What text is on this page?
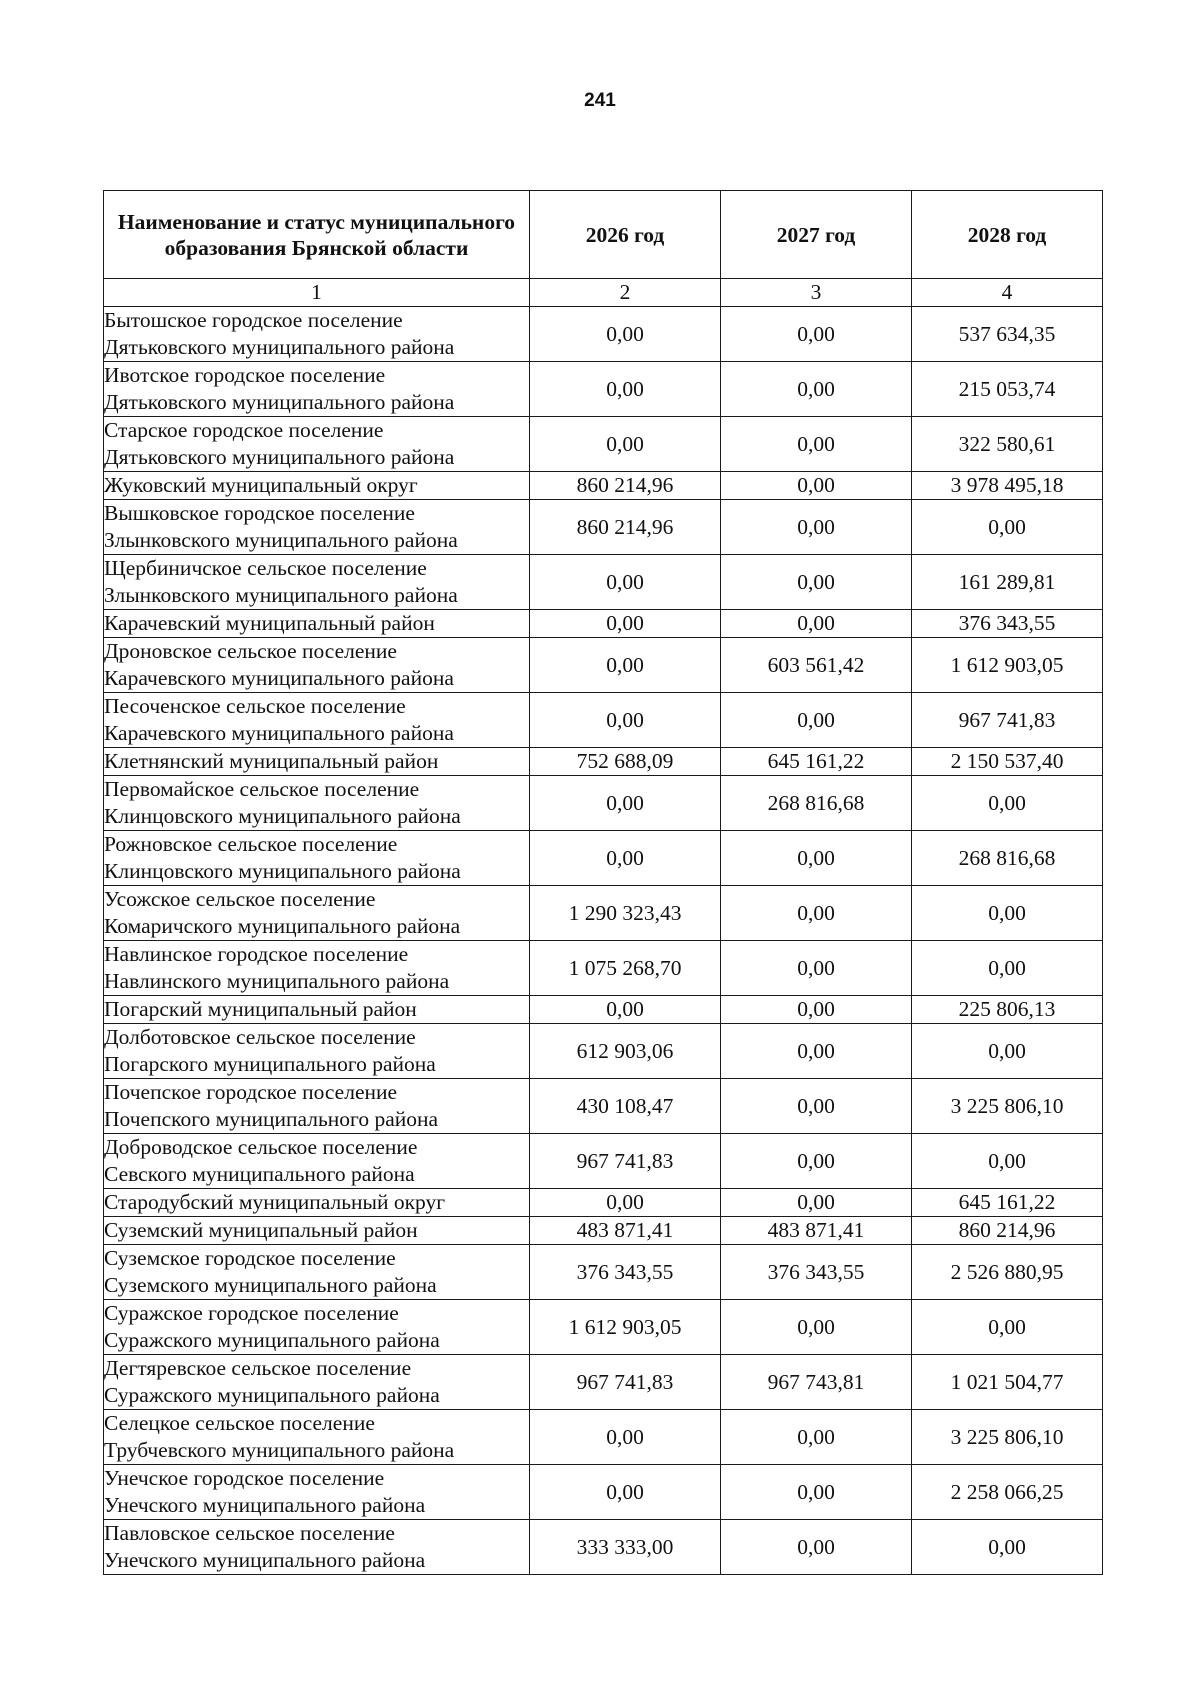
241
Наименование и статус муниципального образования Брянской области	2026 год	2027 год	2028 год
1	2	3	4

Бытошское городское поселение
Дятьковского муниципального района	0,00	0,00	537 634,35

Ивотское городское поселение
Дятьковского муниципального района	0,00	0,00	215 053,74

Старское городское поселение
Дятьковского муниципального района	0,00	0,00	322 580,61

Жуковский муниципальный округ	860 214,96	0,00	3 978 495,18

Вышковское городское поселение
Злынковского муниципального района	860 214,96	0,00	0,00

Щербиничское сельское поселение
Злынковского муниципального района	0,00	0,00	161 289,81

Карачевский муниципальный район	0,00	0,00	376 343,55

Дроновское сельское поселение
Карачевского муниципального района	0,00	603 561,42	1 612 903,05

Песоченское сельское поселение
Карачевского муниципального района	0,00	0,00	967 741,83

Клетнянский муниципальный район	752 688,09	645 161,22	2 150 537,40

Первомайское сельское поселение
Клинцовского муниципального района	0,00	268 816,68	0,00

Рожновское сельское поселение
Клинцовского муниципального района	0,00	0,00	268 816,68

Усожское сельское поселение
Комаричского муниципального района	1 290 323,43	0,00	0,00

Навлинское городское поселение
Навлинского муниципального района	1 075 268,70	0,00	0,00

Погарский муниципальный район	0,00	0,00	225 806,13

Долботовское сельское поселение
Погарского муниципального района	612 903,06	0,00	0,00

Почепское городское поселение
Почепского муниципального района	430 108,47	0,00	3 225 806,10

Доброводское сельское поселение
Севского муниципального района	967 741,83	0,00	0,00

Стародубский муниципальный округ	0,00	0,00	645 161,22

Суземский муниципальный район	483 871,41	483 871,41	860 214,96

Суземское городское поселение
Суземского муниципального района	376 343,55	376 343,55	2 526 880,95

Суражское городское поселение
Суражского муниципального района	1 612 903,05	0,00	0,00

Дегтяревское сельское поселение
Суражского муниципального района	967 741,83	967 743,81	1 021 504,77

Селецкое сельское поселение
Трубчевского муниципального района	0,00	0,00	3 225 806,10

Унечское городское поселение
Унечского муниципального района	0,00	0,00	2 258 066,25

Павловское сельское поселение
Унечского муниципального района	333 333,00	0,00	0,00
